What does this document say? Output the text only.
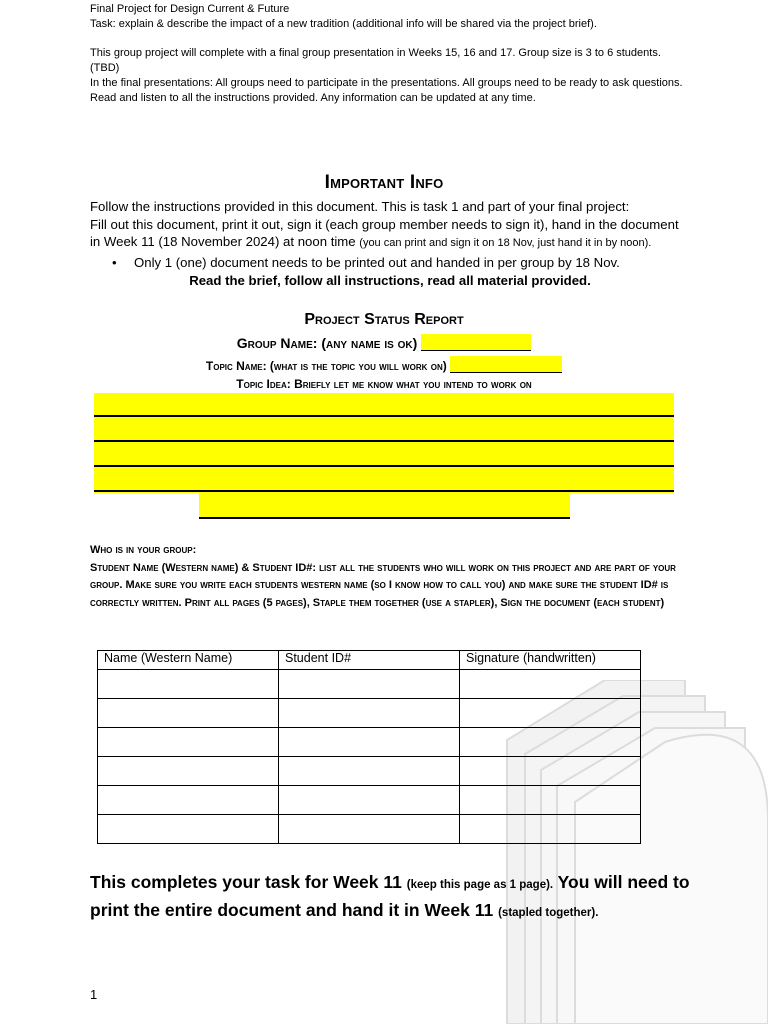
Final Project for Design Current & Future

Task: explain & describe the impact of a new tradition (additional info will be shared via the project brief).

This group project will complete with a final group presentation in Weeks 15, 16 and 17. Group size is 3 to 6 students. (TBD)

In the final presentations: All groups need to participate in the presentations. All groups need to be ready to ask questions. Read and listen to all the instructions provided. Any information can be updated at any time.

Important Info

Follow the instructions provided in this document. This is task 1 and part of your final project:

Fill out this document, print it out, sign it (each group member needs to sign it), hand in the document in Week 11 (18 November 2024) at noon time (you can print and sign it on 18 Nov, just hand it in by noon).

• Only 1 (one) document needs to be printed out and handed in per group by 18 Nov.
Read the brief, follow all instructions, read all material provided.
Project Status Report
Group Name: (any name is ok)
Topic Name: (what is the topic you will work on)
Topic Idea: Briefly let me know what you intend to work on

Who is in your group:

Student Name (Western name) & Student ID#: list all the students who will work on this project and are part of your group. Make sure you write each students western name (so I know how to call you) and make sure the student ID# is correctly written. Print all pages (5 pages), Staple them together (use a stapler), Sign the document (each student)

Name (Western Name)	Student ID#	Signature (handwritten)

This completes your task for Week 11 (keep this page as 1 page). You will need to print the entire document and hand it in Week 11 (stapled together).
1
